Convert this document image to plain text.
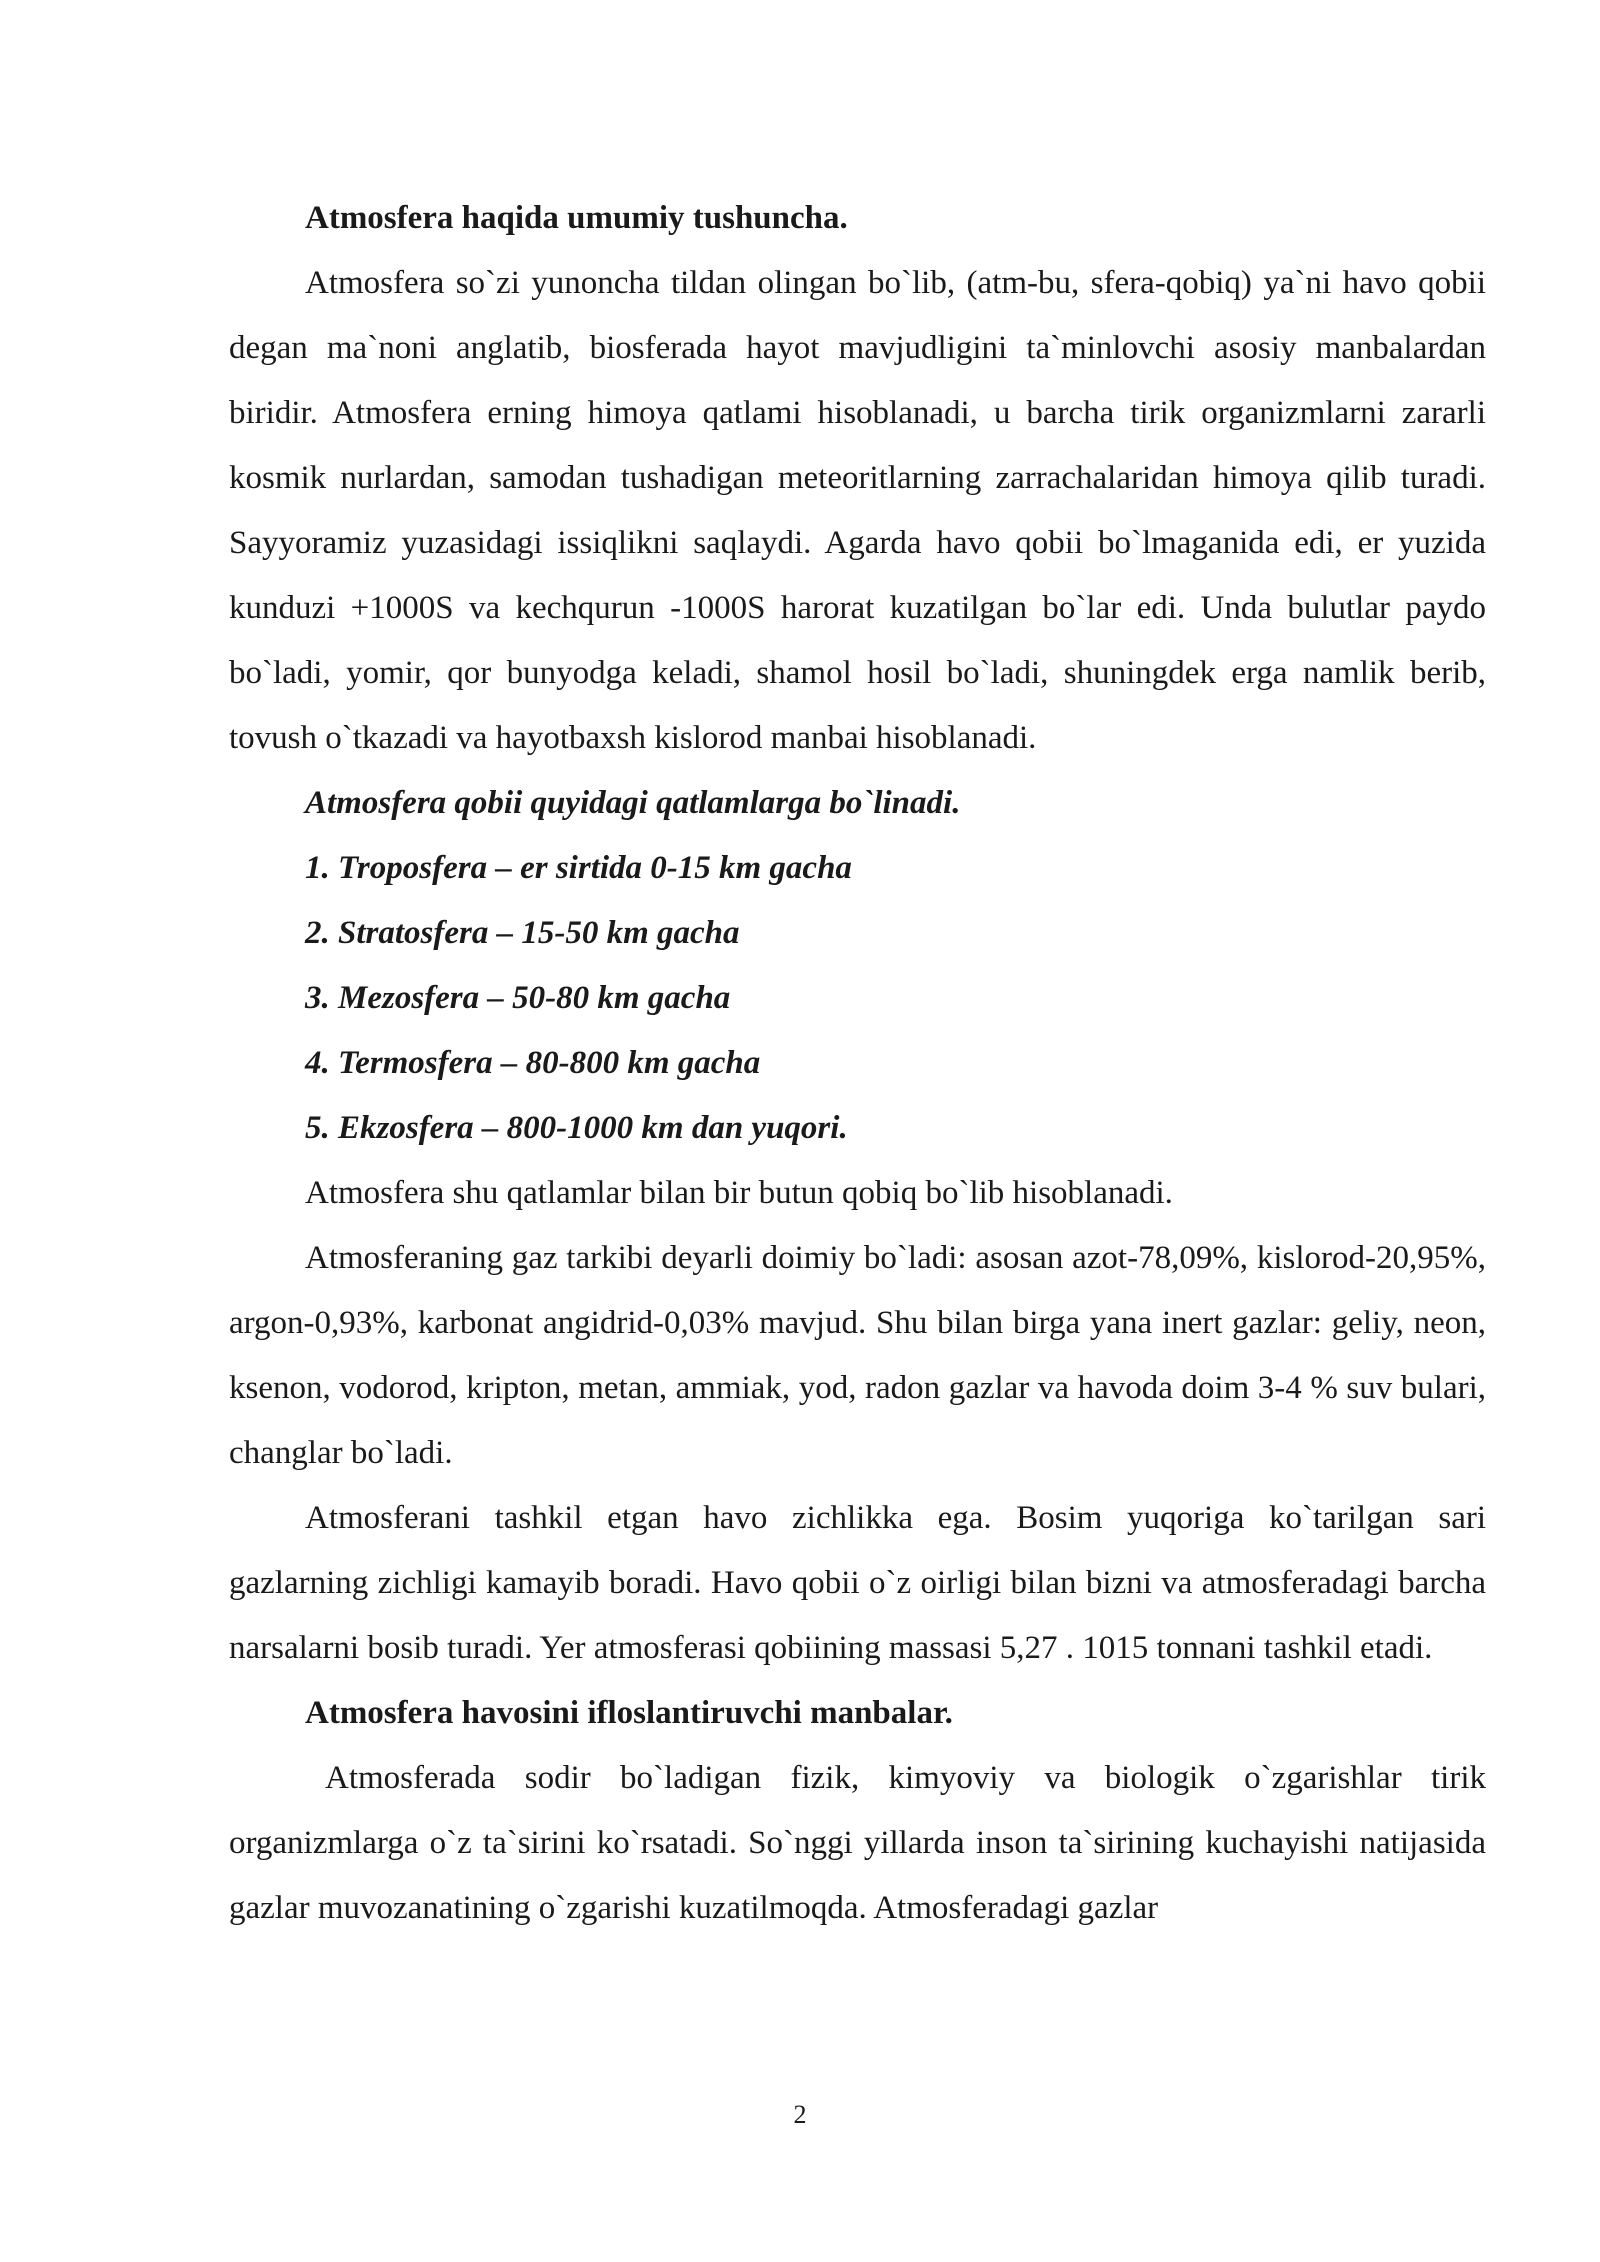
Atmosfera haqida umumiy tushuncha.

Atmosfera so`zi yunoncha tildan olingan bo`lib, (atm-bu, sfera-qobiq) ya`ni havo qobii degan ma`noni anglatib, biosferada hayot mavjudligini ta`minlovchi asosiy manbalardan biridir. Atmosfera erning himoya qatlami hisoblanadi, u barcha tirik organizmlarni zararli kosmik nurlardan, samodan tushadigan meteoritlarning zarrachalaridan himoya qilib turadi. Sayyoramiz yuzasidagi issiqlikni saqlaydi. Agarda havo qobii bo`lmaganida edi, er yuzida kunduzi +1000S va kechqurun -1000S harorat kuzatilgan bo`lar edi. Unda bulutlar paydo bo`ladi, yomir, qor bunyodga keladi, shamol hosil bo`ladi, shuningdek erga namlik berib, tovush o`tkazadi va hayotbaxsh kislorod manbai hisoblanadi.

Atmosfera qobii quyidagi qatlamlarga bo`linadi.

1. Troposfera – er sirtida 0-15 km gacha

2. Stratosfera – 15-50 km gacha

3. Mezosfera – 50-80 km gacha

4. Termosfera – 80-800 km gacha

5. Ekzosfera – 800-1000 km dan yuqori.

Atmosfera shu qatlamlar bilan bir butun qobiq bo`lib hisoblanadi.

Atmosferaning gaz tarkibi deyarli doimiy bo`ladi: asosan azot-78,09%, kislorod-20,95%, argon-0,93%, karbonat angidrid-0,03% mavjud. Shu bilan birga yana inert gazlar: geliy, neon, ksenon, vodorod, kripton, metan, ammiak, yod, radon gazlar va havoda doim 3-4 % suv bulari, changlar bo`ladi.

Atmosferani tashkil etgan havo zichlikka ega. Bosim yuqoriga ko`tarilgan sari gazlarning zichligi kamayib boradi. Havo qobii o`z oirligi bilan bizni va atmosferadagi barcha narsalarni bosib turadi. Yer atmosferasi qobiining massasi 5,27 . 1015 tonnani tashkil etadi.

Atmosfera havosini ifloslantiruvchi manbalar.

Atmosferada sodir bo`ladigan fizik, kimyoviy va biologik o`zgarishlar tirik organizmlarga o`z ta`sirini ko`rsatadi. So`nggi yillarda inson ta`sirining kuchayishi natijasida gazlar muvozanatining o`zgarishi kuzatilmoqda. Atmosferadagi gazlar

2
